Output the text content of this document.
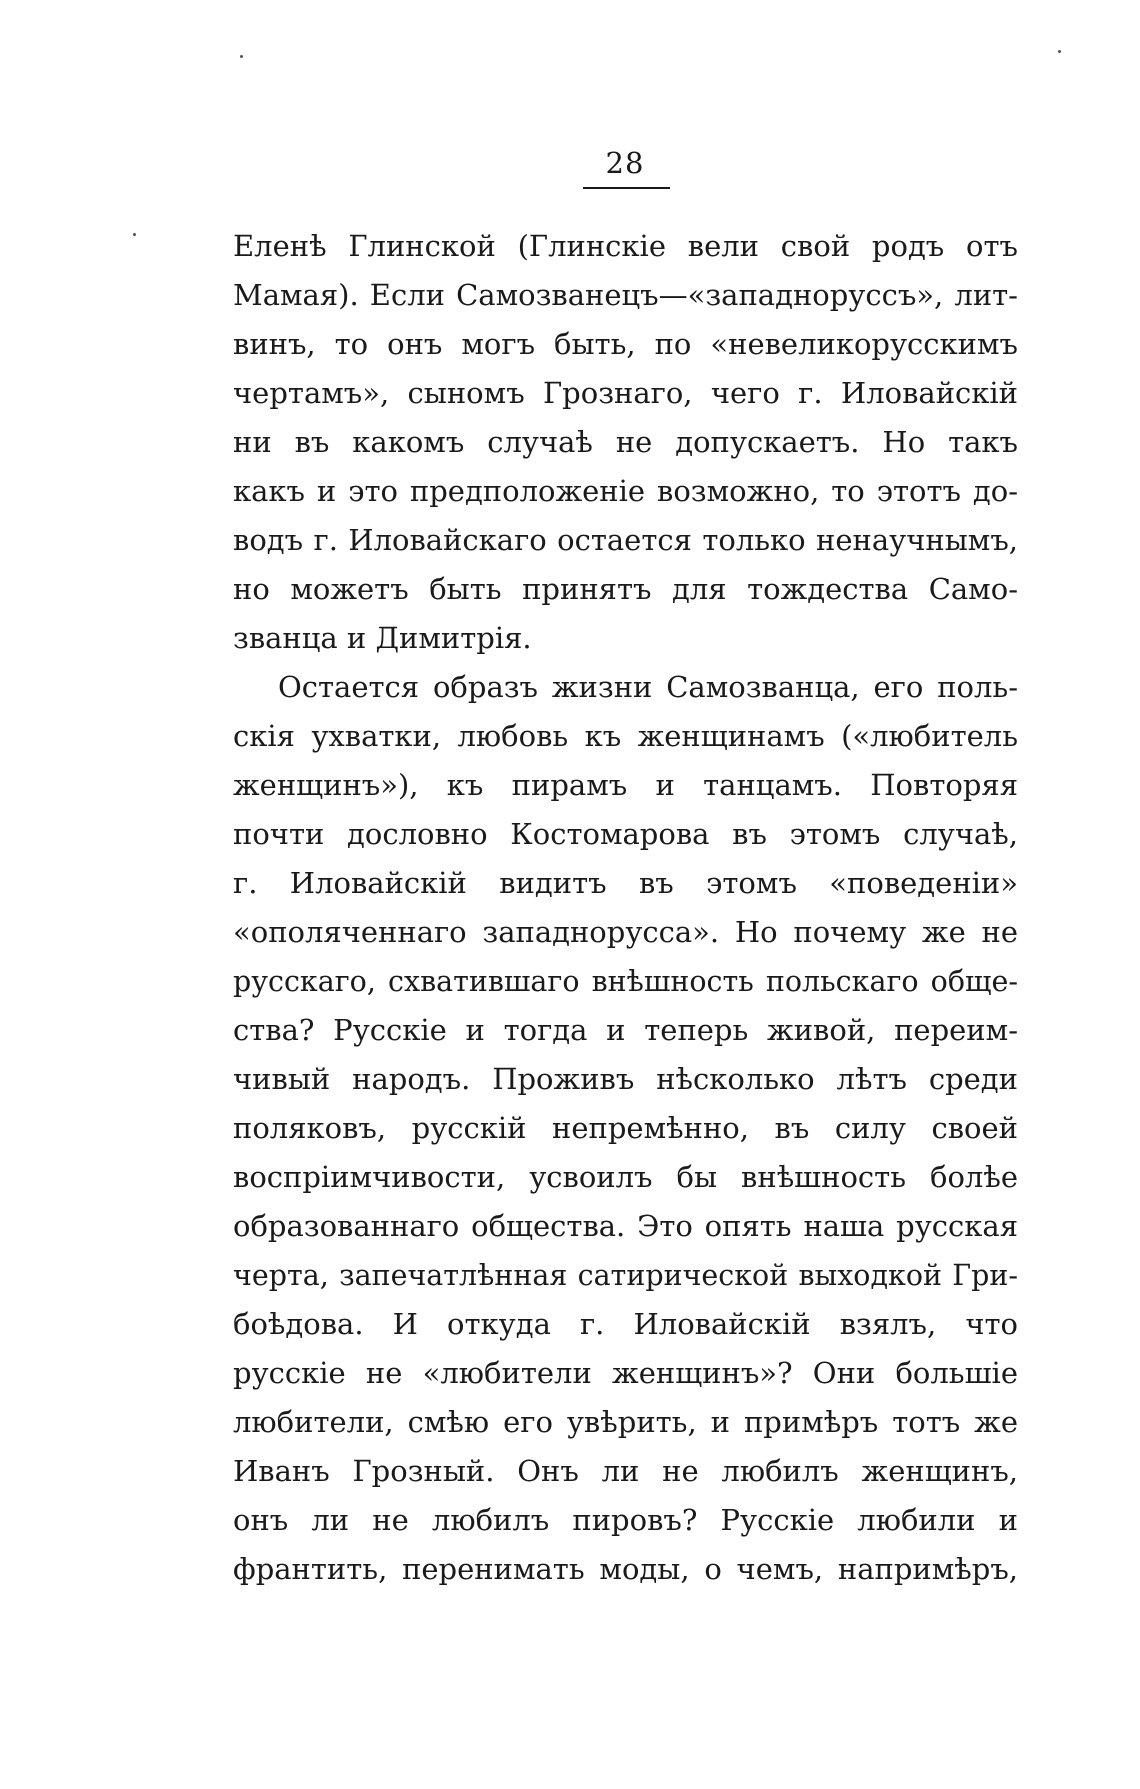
28
Еленѣ Глинской (Глинскіе вели свой родъ отъ
Мамая). Если Самозванецъ—«западноруссъ», лит-
винъ, то онъ могъ быть, по «невеликорусскимъ
чертамъ», сыномъ Грознаго, чего г. Иловайскій
ни въ какомъ случаѣ не допускаетъ. Но такъ
какъ и это предположеніе возможно, то этотъ до-
водъ г. Иловайскаго остается только ненаучнымъ,
но можетъ быть принятъ для тождества Само-
званца и Димитрія.
Остается образъ жизни Самозванца, его поль-
скія ухватки, любовь къ женщинамъ («любитель
женщинъ»), къ пирамъ и танцамъ. Повторяя
почти дословно Костомарова въ этомъ случаѣ,
г. Иловайскій видитъ въ этомъ «поведеніи»
«ополяченнаго западноруссa». Но почему же не
русскаго, схватившаго внѣшность польскаго обще-
ства? Русскіе и тогда и теперь живой, переим-
чивый народъ. Проживъ нѣсколько лѣтъ среди
поляковъ, русскій непремѣнно, въ силу своей
воспріимчивости, усвоилъ бы внѣшность болѣе
образованнаго общества. Это опять наша русская
черта, запечатлѣнная сатирической выходкой Гри-
боѣдова. И откуда г. Иловайскій взялъ, что
русскіе не «любители женщинъ»? Они большіе
любители, смѣю его увѣрить, и примѣръ тотъ же
Иванъ Грозный. Онъ ли не любилъ женщинъ,
онъ ли не любилъ пировъ? Русскіе любили и
франтить, перенимать моды, о чемъ, напримѣръ,
